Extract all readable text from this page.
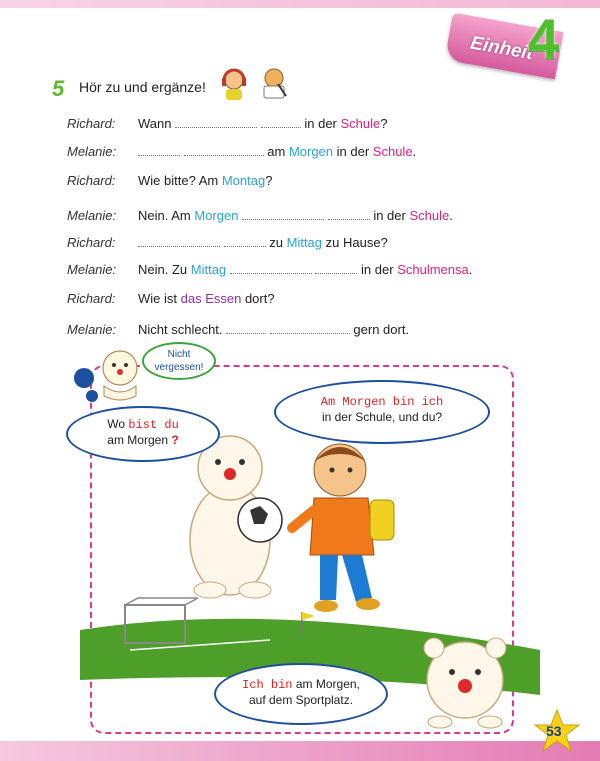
Einheit
4
5 Hör zu und ergänze!
Richard: Wann	in der Schule?
Melanie:	am Morgen in der Schule.
Richard: Wie bitte? Am Montag?
Melanie: Nein. Am Morgen	in der Schule.
Richard:	zu Mittag zu Hause?
Melanie: Nein. Zu Mittag	in der Schulmensa.
Richard: Wie ist das Essen dort?
Melanie: Nicht schlecht.	gern dort.
Nicht vergessen!
Wo bist du
am Morgen ?
Am Morgen bin ich
in der Schule, und du?
Ich bin am Morgen,
auf dem Sportplatz.
53
